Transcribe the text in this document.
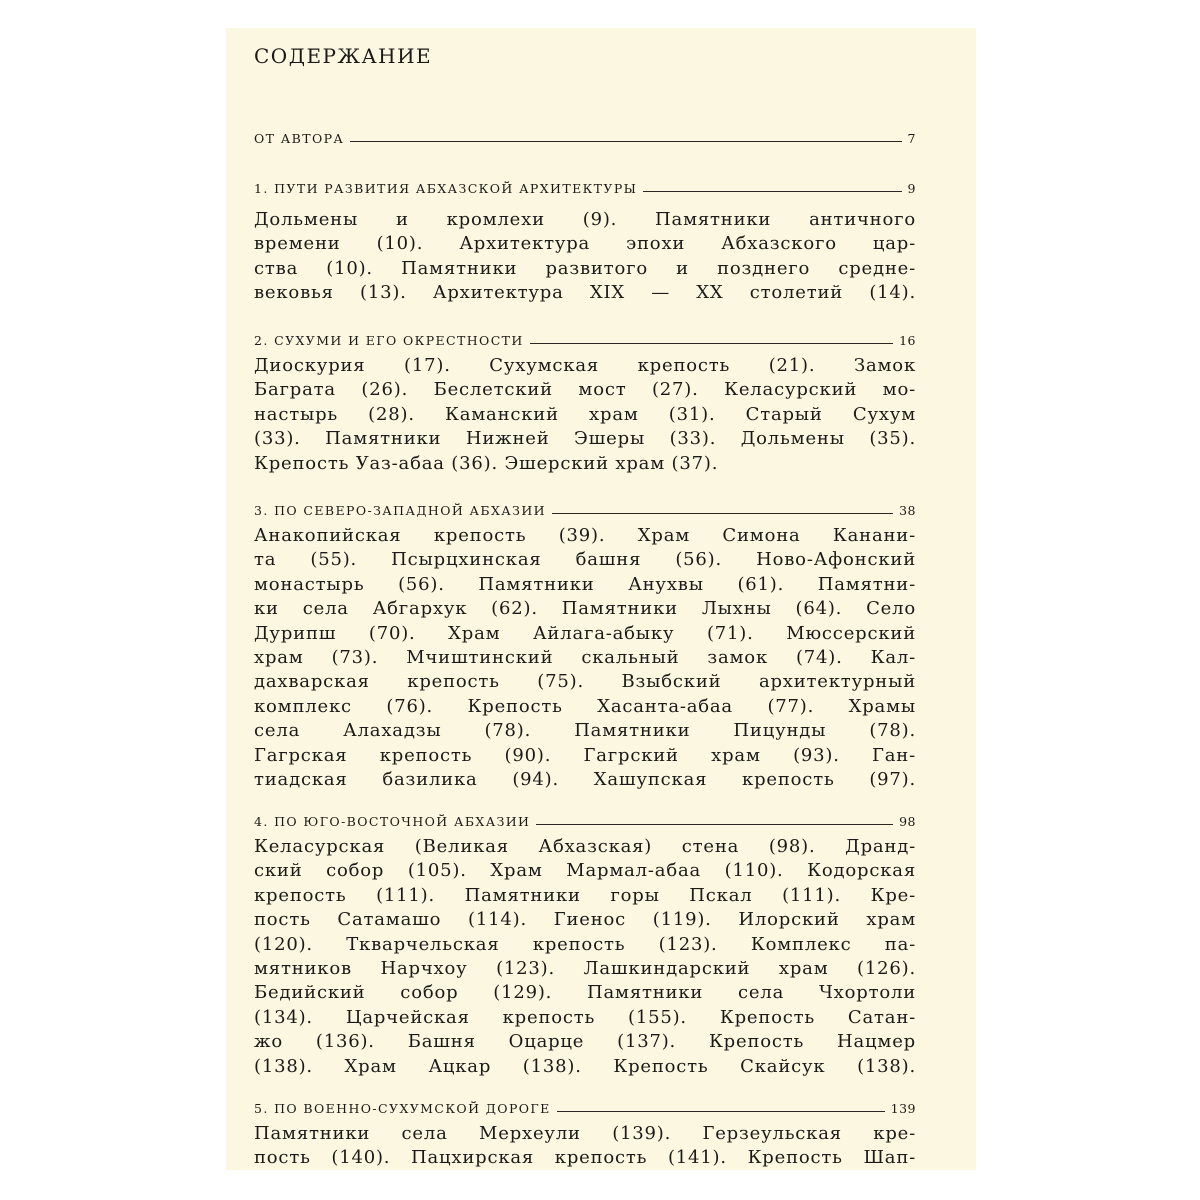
СОДЕРЖАНИЕ
ОТ АВТОРА	7
1. ПУТИ РАЗВИТИЯ АБХАЗСКОЙ АРХИТЕКТУРЫ	9
Дольмены и кромлехи (9). Памятники античного
времени (10). Архитектура эпохи Абхазского цар-
ства (10). Памятники развитого и позднего средне-
вековья (13). Архитектура XIX — XX столетий (14).
2. СУХУМИ И ЕГО ОКРЕСТНОСТИ	16
Диоскурия (17). Сухумская крепость (21). Замок
Баграта (26). Беслетский мост (27). Келасурский мо-
настырь (28). Каманский храм (31). Старый Сухум
(33). Памятники Нижней Эшеры (33). Дольмены (35).
Крепость Уаз-абаа (36). Эшерский храм (37).
3. ПО СЕВЕРО-ЗАПАДНОЙ АБХАЗИИ	38
Анакопийская крепость (39). Храм Симона Канани-
та (55). Псырцхинская башня (56). Ново-Афонский
монастырь (56). Памятники Анухвы (61). Памятни-
ки села Абгархук (62). Памятники Лыхны (64). Село
Дурипш (70). Храм Айлага-абыку (71). Мюссерский
храм (73). Мчиштинский скальный замок (74). Кал-
дахварская крепость (75). Взыбский архитектурный
комплекс (76). Крепость Хасанта-абаа (77). Храмы
села Алахадзы (78). Памятники Пицунды (78).
Гагрская крепость (90). Гагрский храм (93). Ган-
тиадская базилика (94). Хашупская крепость (97).
4. ПО ЮГО-ВОСТОЧНОЙ АБХАЗИИ	98
Келасурская (Великая Абхазская) стена (98). Дранд-
ский собор (105). Храм Мармал-абаа (110). Кодорская
крепость (111). Памятники горы Пскал (111). Кре-
пость Сатамашо (114). Гиенос (119). Илорский храм
(120). Ткварчельская крепость (123). Комплекс па-
мятников Нарчхоу (123). Лашкиндарский храм (126).
Бедийский собор (129). Памятники села Чхортоли
(134). Царчейская крепость (155). Крепость Сатан-
жо (136). Башня Оцарце (137). Крепость Нацмер
(138). Храм Ацкар (138). Крепость Скайсук (138).
5. ПО ВОЕННО-СУХУМСКОЙ ДОРОГЕ	139
Памятники села Мерхеули (139). Герзеульская кре-
пость (140). Пацхирская крепость (141). Крепость Шап-
